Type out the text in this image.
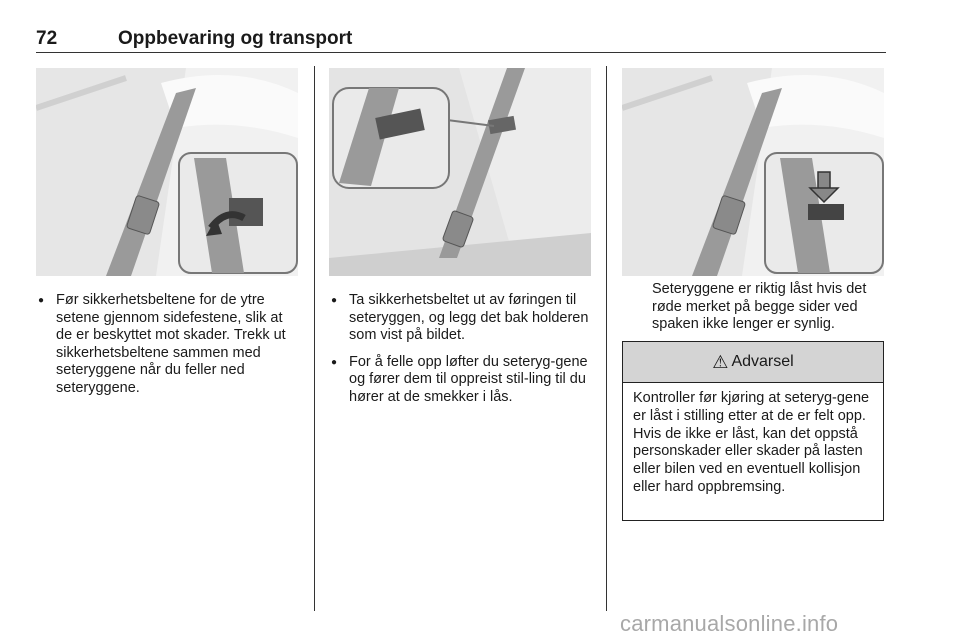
72	Oppbevaring og transport

● Før sikkerhetsbeltene for de ytre setene gjennom sidefestene, slik at de er beskyttet mot skader. Trekk ut sikkerhetsbeltene sammen med seteryggene når du feller ned seteryggene.

● Ta sikkerhetsbeltet ut av føringen til seteryggen, og legg det bak holderen som vist på bildet.

● For å felle opp løfter du seteryg-gene og fører dem til oppreist stil-ling til du hører at de smekker i lås.

Seteryggene er riktig låst hvis det røde merket på begge sider ved spaken ikke lenger er synlig.

⚠ Advarsel
Kontroller før kjøring at seteryg-gene er låst i stilling etter at de er felt opp. Hvis de ikke er låst, kan det oppstå personskader eller skader på lasten eller bilen ved en eventuell kollisjon eller hard oppbremsing.
carmanualsonline.info
